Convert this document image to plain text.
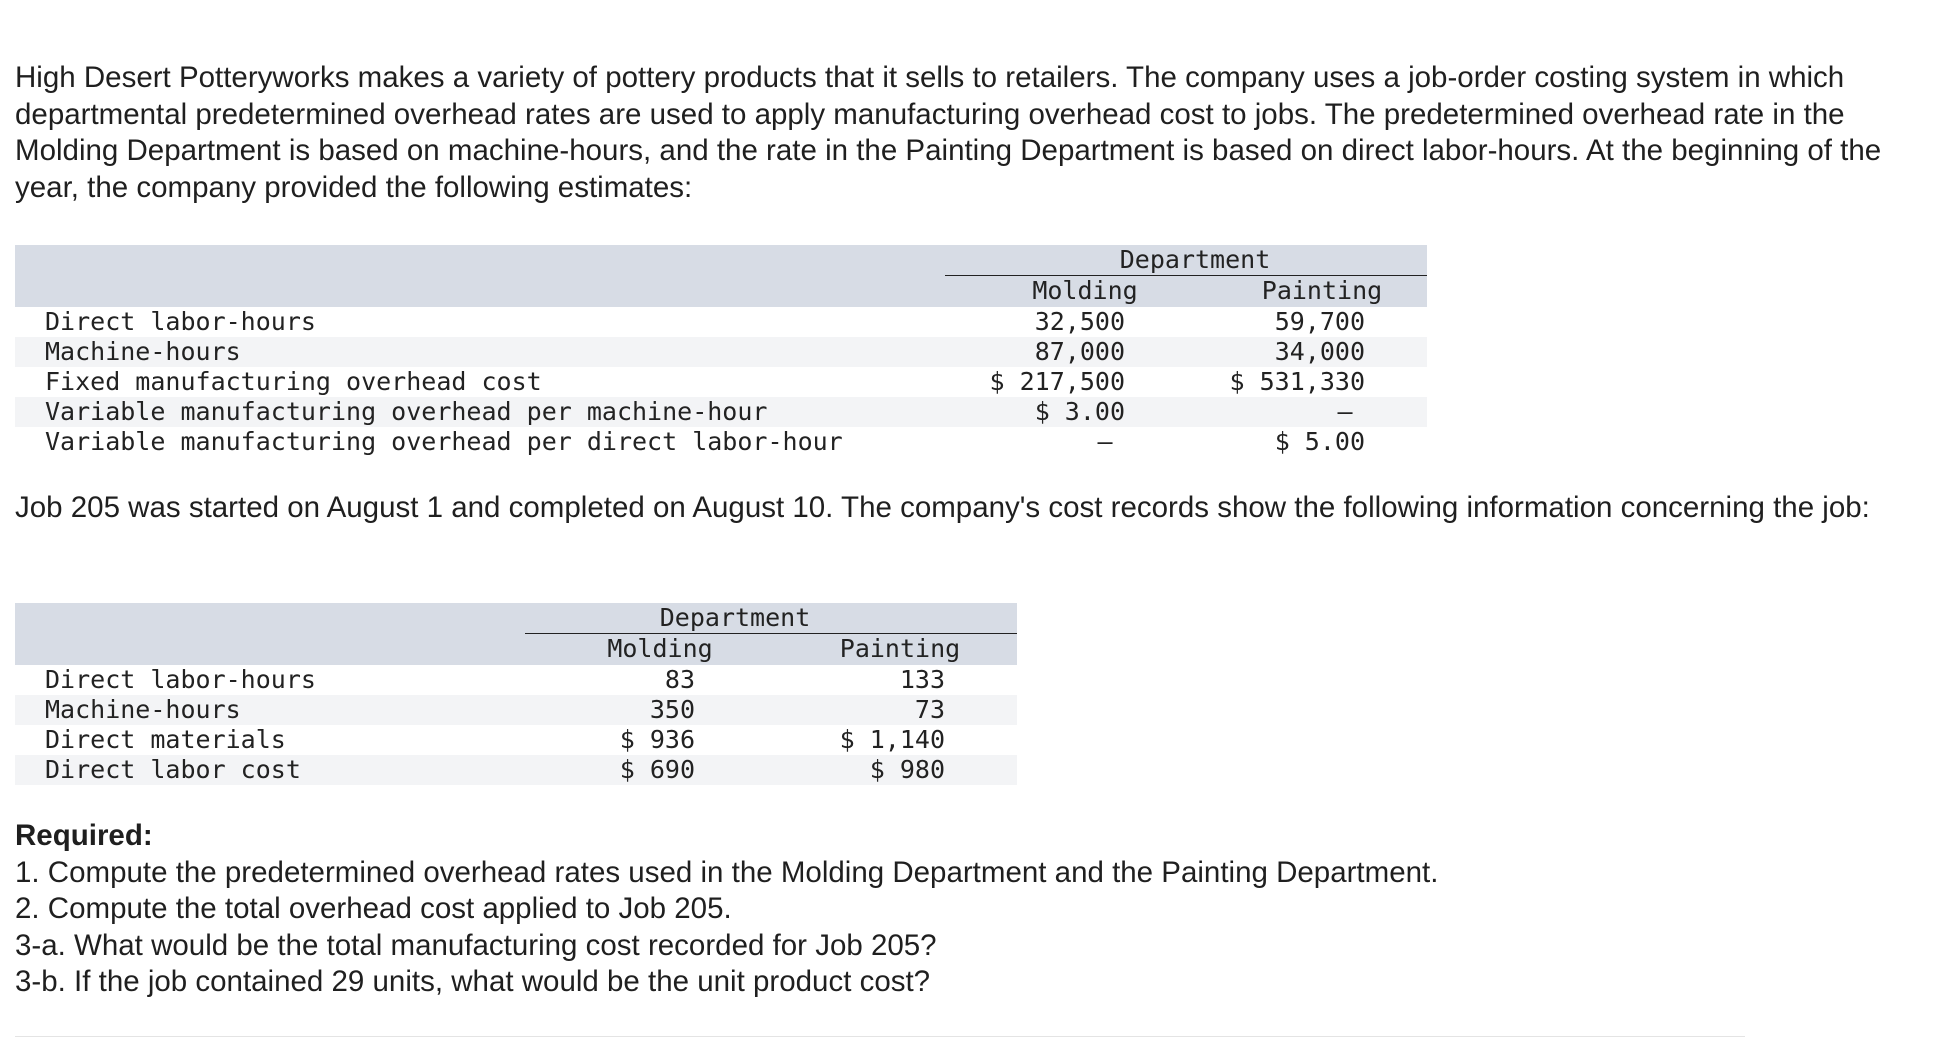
High Desert Potteryworks makes a variety of pottery products that it sells to retailers. The company uses a job-order costing system in which departmental predetermined overhead rates are used to apply manufacturing overhead cost to jobs. The predetermined overhead rate in the Molding Department is based on machine-hours, and the rate in the Painting Department is based on direct labor-hours. At the beginning of the year, the company provided the following estimates:

Department
Molding	Painting
Direct labor-hours	32,500	59,700
Machine-hours	87,000	34,000
Fixed manufacturing overhead cost	$ 217,500	$ 531,330
Variable manufacturing overhead per machine-hour	$ 3.00	–
Variable manufacturing overhead per direct labor-hour	–	$ 5.00

Job 205 was started on August 1 and completed on August 10. The company's cost records show the following information concerning the job:

Department
Molding	Painting
Direct labor-hours	83	133
Machine-hours	350	73
Direct materials	$ 936	$ 1,140
Direct labor cost	$ 690	$ 980
Required:
1. Compute the predetermined overhead rates used in the Molding Department and the Painting Department.
2. Compute the total overhead cost applied to Job 205.
3-a. What would be the total manufacturing cost recorded for Job 205?
3-b. If the job contained 29 units, what would be the unit product cost?
